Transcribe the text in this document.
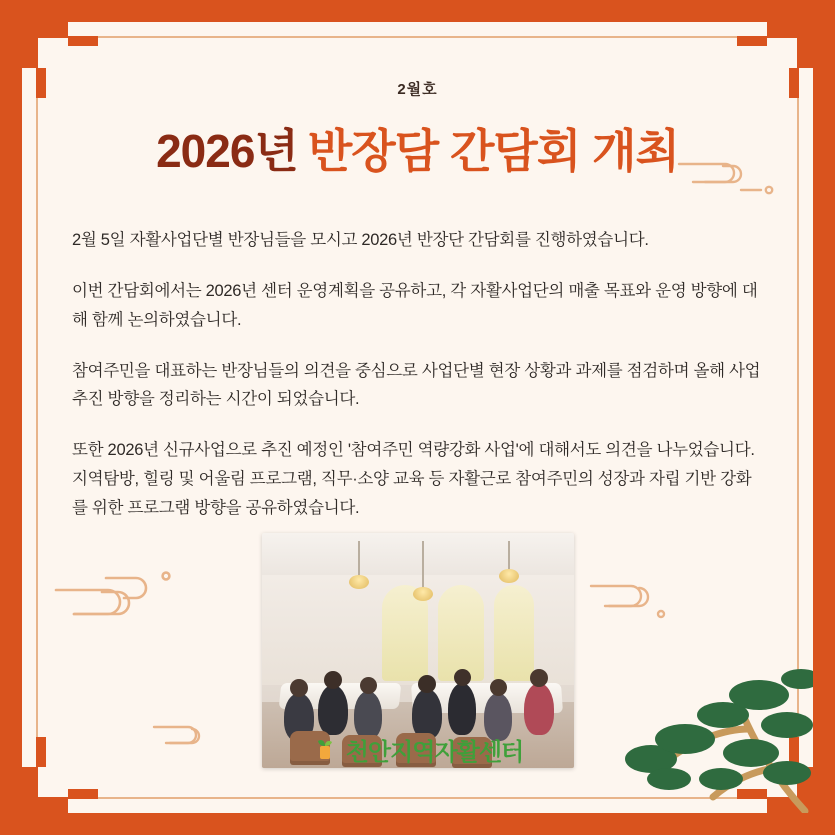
2월호
2026년 반장담 간담회 개최

2월 5일 자활사업단별 반장님들을 모시고 2026년 반장단 간담회를 진행하였습니다.

이번 간담회에서는 2026년 센터 운영계획을 공유하고, 각 자활사업단의 매출 목표와 운영 방향에 대해 함께 논의하였습니다.

참여주민을 대표하는 반장님들의 의견을 중심으로 사업단별 현장 상황과 과제를 점검하며 올해 사업 추진 방향을 정리하는 시간이 되었습니다.

또한 2026년 신규사업으로 추진 예정인 '참여주민 역량강화 사업'에 대해서도 의견을 나누었습니다. 지역탐방, 힐링 및 어울림 프로그램, 직무·소양 교육 등 자활근로 참여주민의 성장과 자립 기반 강화를 위한 프로그램 방향을 공유하였습니다.

천안지역자활센터
